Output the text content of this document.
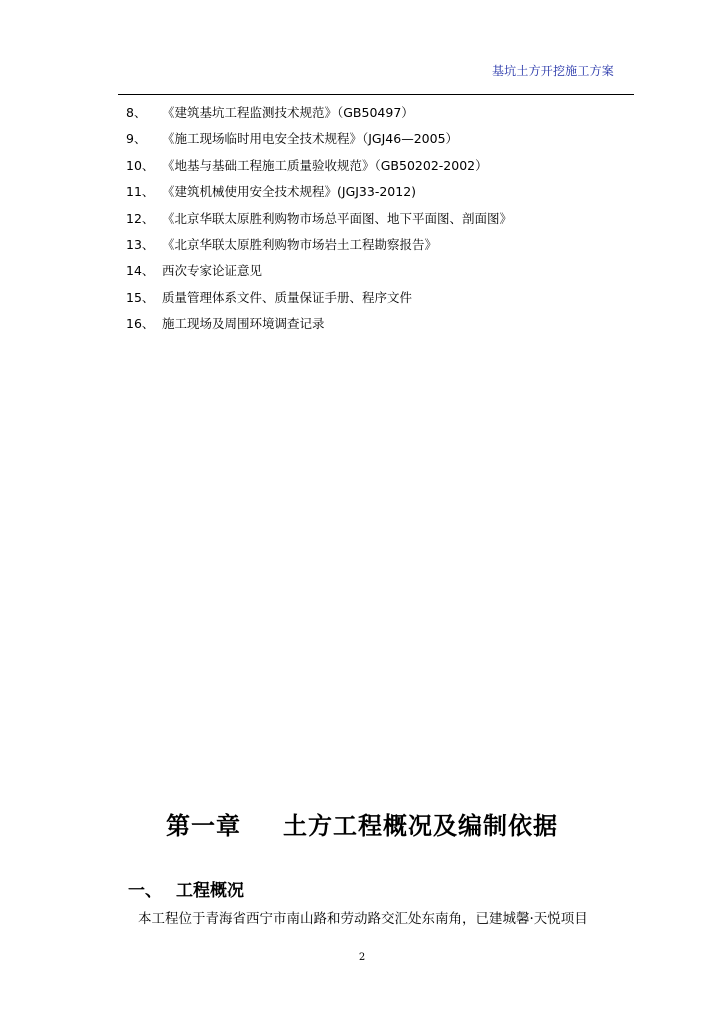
基坑土方开挖施工方案
8、 《建筑基坑工程监测技术规范》（GB50497）
9、 《施工现场临时用电安全技术规程》（JGJ46—2005）
10、 《地基与基础工程施工质量验收规范》（GB50202-2002）
11、 《建筑机械使用安全技术规程》(JGJ33-2012)
12、 《北京华联太原胜利购物市场总平面图、地下平面图、剖面图》
13、 《北京华联太原胜利购物市场岩土工程勘察报告》
14、 西次专家论证意见
15、 质量管理体系文件、质量保证手册、程序文件
16、 施工现场及周围环境调查记录
第一章 土方工程概况及编制依据
一、 工程概况
本工程位于青海省西宁市南山路和劳动路交汇处东南角，已建城馨·天悦项目
2
